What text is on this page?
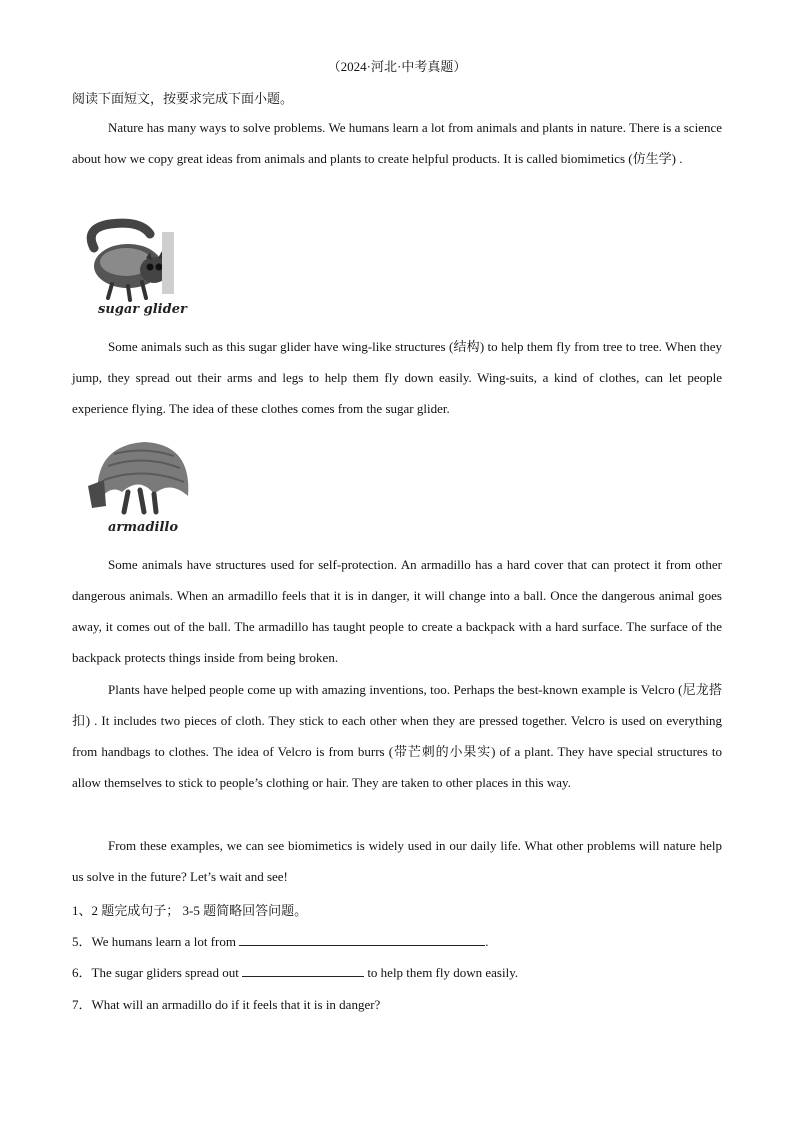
（2024·河北·中考真题）
阅读下面短文，按要求完成下面小题。

Nature has many ways to solve problems. We humans learn a lot from animals and plants in nature. There is a science about how we copy great ideas from animals and plants to create helpful products. It is called biomimetics (仿生学) .

sugar glider

Some animals such as this sugar glider have wing-like structures (结构) to help them fly from tree to tree. When they jump, they spread out their arms and legs to help them fly down easily. Wing-suits, a kind of clothes, can let people experience flying. The idea of these clothes comes from the sugar glider.

armadillo

Some animals have structures used for self-protection. An armadillo has a hard cover that can protect it from other dangerous animals. When an armadillo feels that it is in danger, it will change into a ball. Once the dangerous animal goes away, it comes out of the ball. The armadillo has taught people to create a backpack with a hard surface. The surface of the backpack protects things inside from being broken.

Plants have helped people come up with amazing inventions, too. Perhaps the best-known example is Velcro (尼龙搭扣) . It includes two pieces of cloth. They stick to each other when they are pressed together. Velcro is used on everything from handbags to clothes. The idea of Velcro is from burrs (带芒刺的小果实) of a plant. They have special structures to allow themselves to stick to people’s clothing or hair. They are taken to other places in this way.

From these examples, we can see biomimetics is widely used in our daily life. What other problems will nature help us solve in the future? Let’s wait and see!

1、2 题完成句子； 3-5 题简略回答问题。
5．We humans learn a lot from	.
6．The sugar gliders spread out	to help them fly down easily.
7．What will an armadillo do if it feels that it is in danger?
